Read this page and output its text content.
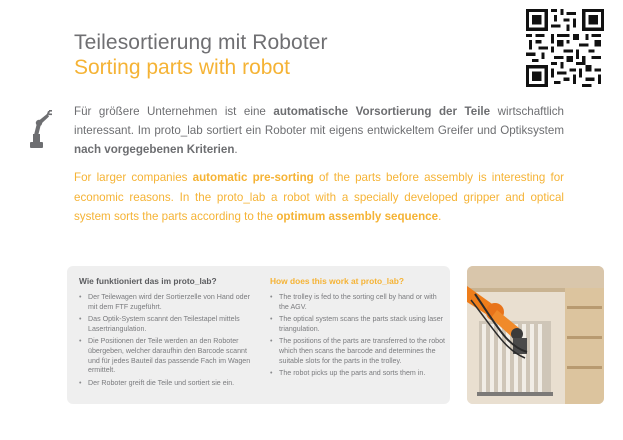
Teilesortierung mit Roboter
Sorting parts with robot
Für größere Unternehmen ist eine automatische Vorsortierung der Teile wirtschaftlich interessant. Im proto_lab sortiert ein Roboter mit eigens entwickeltem Greifer und Optiksystem nach vorgegebenen Kriterien.
For larger companies automatic pre-sorting of the parts before assembly is interesting for economic reasons. In the proto_lab a robot with a specially developed gripper and optical system sorts the parts according to the optimum assembly sequence.
Wie funktioniert das im proto_lab?
• Der Teilewagen wird der Sortierzelle von Hand oder mit dem FTF zugeführt.
• Das Optik-System scannt den Teilestapel mittels Lasertriangulation.
• Die Positionen der Teile werden an den Roboter übergeben, welcher daraufhin den Barcode scannt und für jedes Bauteil das passende Fach im Wagen ermittelt.
• Der Roboter greift die Teile und sortiert sie ein.
How does this work at proto_lab?
• The trolley is fed to the sorting cell by hand or with the AGV.
• The optical system scans the parts stack using laser triangulation.
• The positions of the parts are transferred to the robot which then scans the barcode and determines the suitable slots for the parts in the trolley.
• The robot picks up the parts and sorts them in.
